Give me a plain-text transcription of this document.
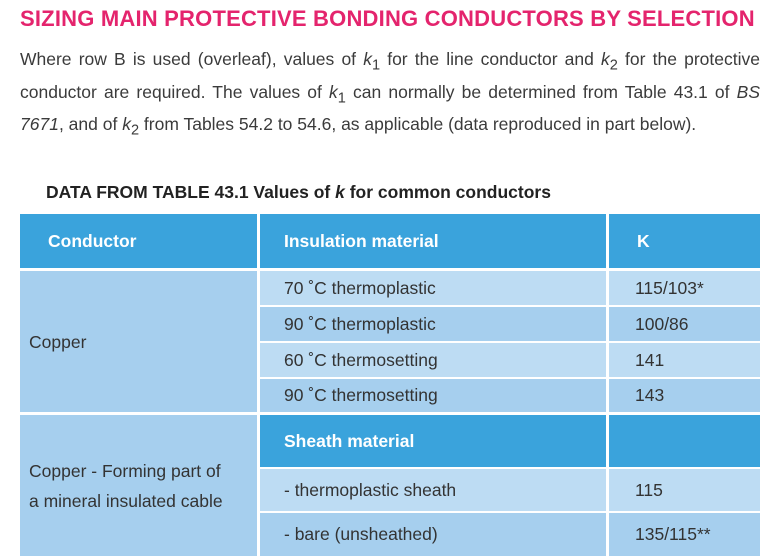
SIZING MAIN PROTECTIVE BONDING CONDUCTORS BY SELECTION

Where row B is used (overleaf), values of $k_1$ for the line conductor and $k_2$ for the protective conductor are required. The values of $k_1$ can normally be determined from Table 43.1 of BS 7671, and of $k_2$ from Tables 54.2 to 54.6, as applicable (data reproduced in part below).

DATA FROM TABLE 43.1 Values of k for common conductors

Conductor	Insulation material	K
Copper
70 ˚C thermoplastic	115/103*
90 ˚C thermoplastic	100/86
60 ˚C thermosetting	141
90 ˚C thermosetting	143
Copper - Forming part of
a mineral insulated cable
Sheath material
- thermoplastic sheath	115
- bare (unsheathed)	135/115**
